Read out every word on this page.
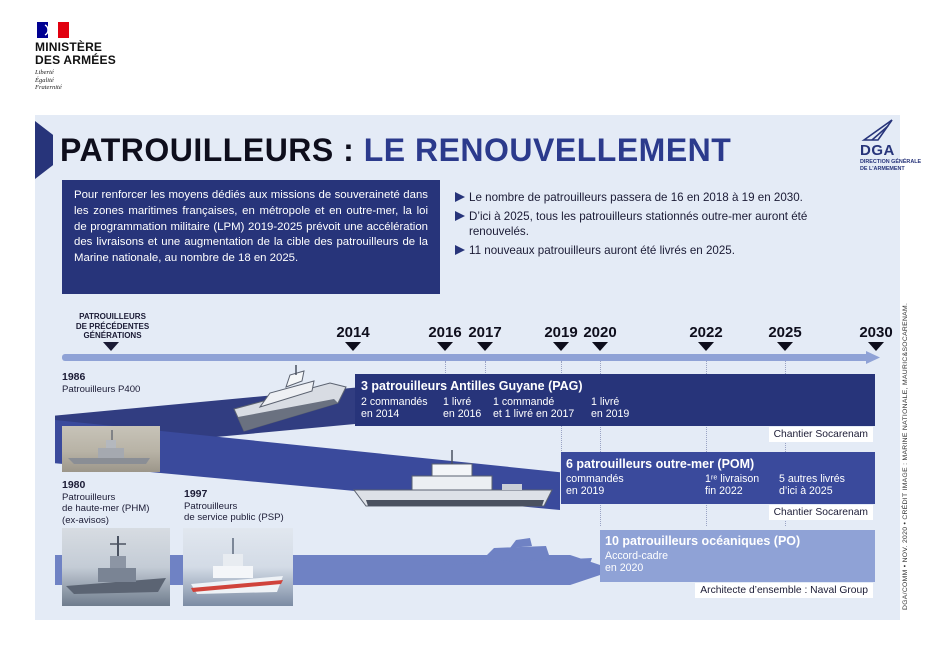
MINISTÈRE
DES ARMÉES
Liberté
Égalité
Fraternité
PATROUILLEURS : LE RENOUVELLEMENT	DGA
DIRECTION GÉNÉRALE
DE L'ARMEMENT
Pour renforcer les moyens dédiés aux missions de souveraineté dans les zones maritimes françaises, en métropole et en outre-mer, la loi de programmation militaire (LPM) 2019-2025 prévoit une accélération des livraisons et une augmentation de la cible des patrouilleurs de la Marine nationale, au nombre de 18 en 2025.
Le nombre de patrouilleurs passera de 16 en 2018 à 19 en 2030.
D’ici à 2025, tous les patrouilleurs stationnés outre-mer auront été renouvelés.
11 nouveaux patrouilleurs auront été livrés en 2025.
PATROUILLEURS
DE PRÉCÉDENTES
GÉNÉRATIONS	2014	2016 2017	2019 2020	2022	2025	2030
1986
Patrouilleurs P400
1980
Patrouilleurs
de haute-mer (PHM)
(ex-avisos)
1997
Patrouilleurs
de service public (PSP)
3 patrouilleurs Antilles Guyane (PAG)
2 commandés
en 2014
1 livré
en 2016
1 commandé
et 1 livré en 2017
1 livré
en 2019
Chantier Socarenam
6 patrouilleurs outre-mer (POM)
commandés
en 2019
1ʳᵉ livraison
fin 2022
5 autres livrés
d’ici à 2025
Chantier Socarenam
10 patrouilleurs océaniques (PO)
Accord-cadre
en 2020
Architecte d’ensemble : Naval Group	DGA/COMM • NOV. 2020 • CRÉDIT IMAGE : MARINE NATIONALE, MAURIC&SOCARENAM.
